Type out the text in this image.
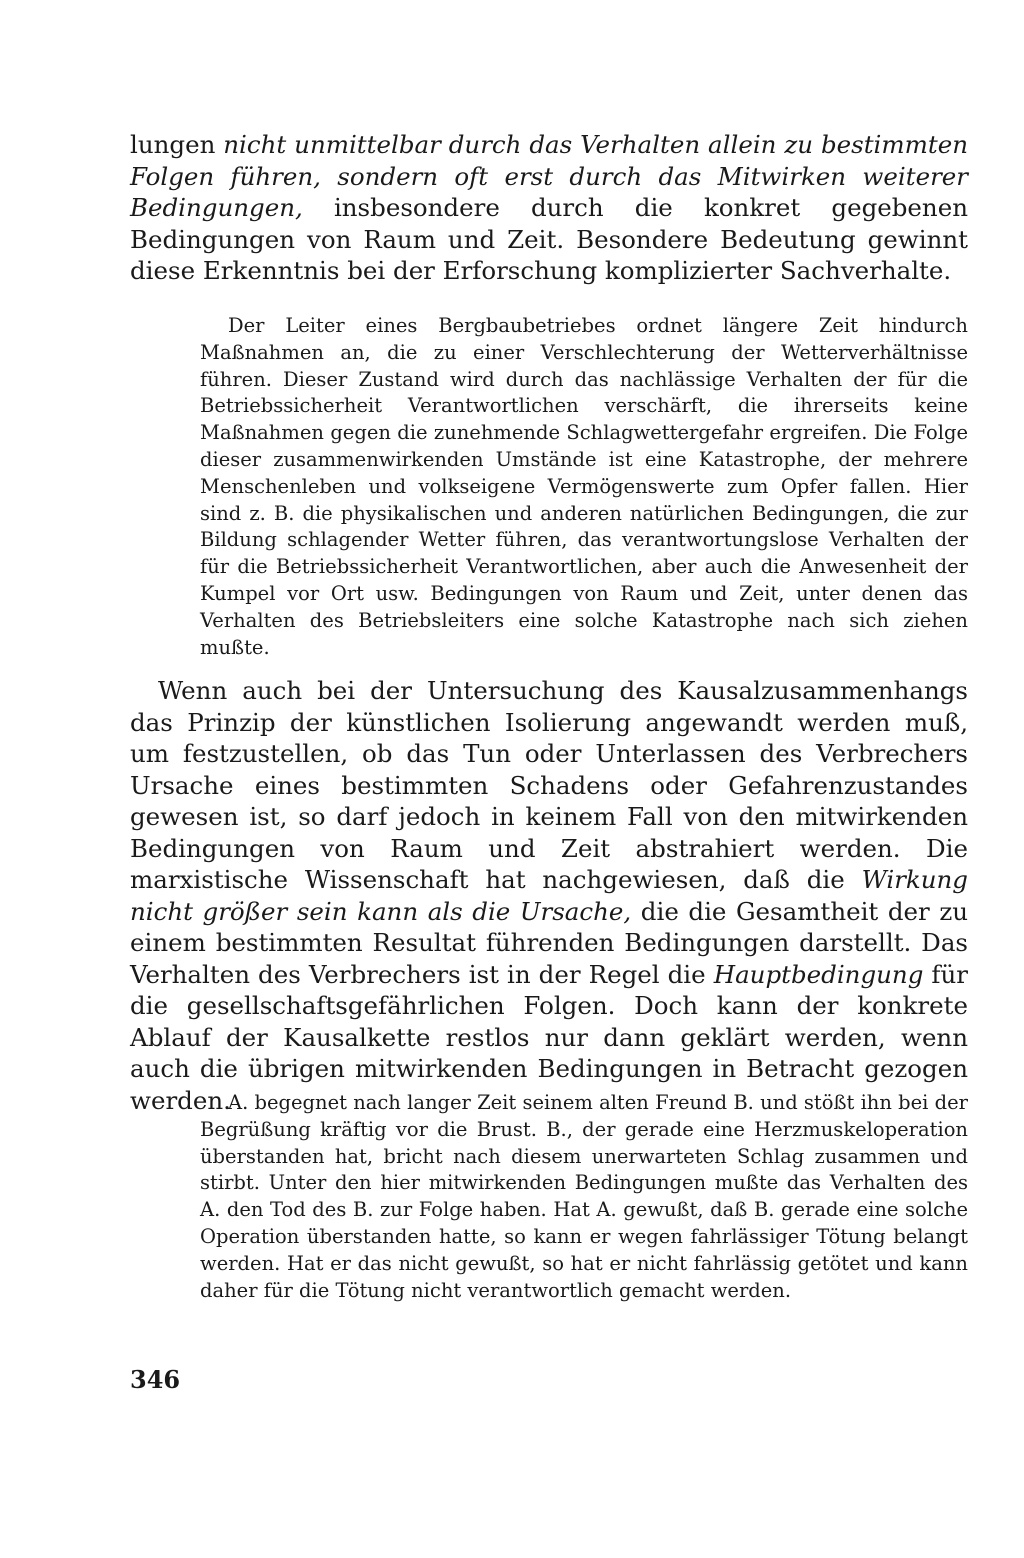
lungen nicht unmittelbar durch das Verhalten allein zu bestimmten Folgen führen, sondern oft erst durch das Mitwirken weiterer Bedingungen, insbesondere durch die konkret gegebenen Bedingungen von Raum und Zeit. Besondere Bedeutung gewinnt diese Erkenntnis bei der Erforschung komplizierter Sachverhalte.

Der Leiter eines Bergbaubetriebes ordnet längere Zeit hindurch Maßnahmen an, die zu einer Verschlechterung der Wetterverhältnisse führen. Dieser Zustand wird durch das nachlässige Verhalten der für die Betriebssicherheit Verantwortlichen verschärft, die ihrerseits keine Maßnahmen gegen die zunehmende Schlagwettergefahr ergreifen. Die Folge dieser zusammenwirkenden Umstände ist eine Katastrophe, der mehrere Menschenleben und volkseigene Vermögenswerte zum Opfer fallen. Hier sind z. B. die physikalischen und anderen natürlichen Bedingungen, die zur Bildung schlagender Wetter führen, das verantwortungslose Verhalten der für die Betriebssicherheit Verantwortlichen, aber auch die Anwesenheit der Kumpel vor Ort usw. Bedingungen von Raum und Zeit, unter denen das Verhalten des Betriebsleiters eine solche Katastrophe nach sich ziehen mußte.

Wenn auch bei der Untersuchung des Kausalzusammenhangs das Prinzip der künstlichen Isolierung angewandt werden muß, um festzustellen, ob das Tun oder Unterlassen des Verbrechers Ursache eines bestimmten Schadens oder Gefahrenzustandes gewesen ist, so darf jedoch in keinem Fall von den mitwirkenden Bedingungen von Raum und Zeit abstrahiert werden. Die marxistische Wissenschaft hat nachgewiesen, daß die Wirkung nicht größer sein kann als die Ursache, die die Gesamtheit der zu einem bestimmten Resultat führenden Bedingungen darstellt. Das Verhalten des Verbrechers ist in der Regel die Hauptbedingung für die gesellschaftsgefährlichen Folgen. Doch kann der konkrete Ablauf der Kausalkette restlos nur dann geklärt werden, wenn auch die übrigen mitwirkenden Bedingungen in Betracht gezogen werden.

A. begegnet nach langer Zeit seinem alten Freund B. und stößt ihn bei der Begrüßung kräftig vor die Brust. B., der gerade eine Herzmuskeloperation überstanden hat, bricht nach diesem unerwarteten Schlag zusammen und stirbt. Unter den hier mitwirkenden Bedingungen mußte das Verhalten des A. den Tod des B. zur Folge haben. Hat A. gewußt, daß B. gerade eine solche Operation überstanden hatte, so kann er wegen fahrlässiger Tötung belangt werden. Hat er das nicht gewußt, so hat er nicht fahrlässig getötet und kann daher für die Tötung nicht verantwortlich gemacht werden.

346
